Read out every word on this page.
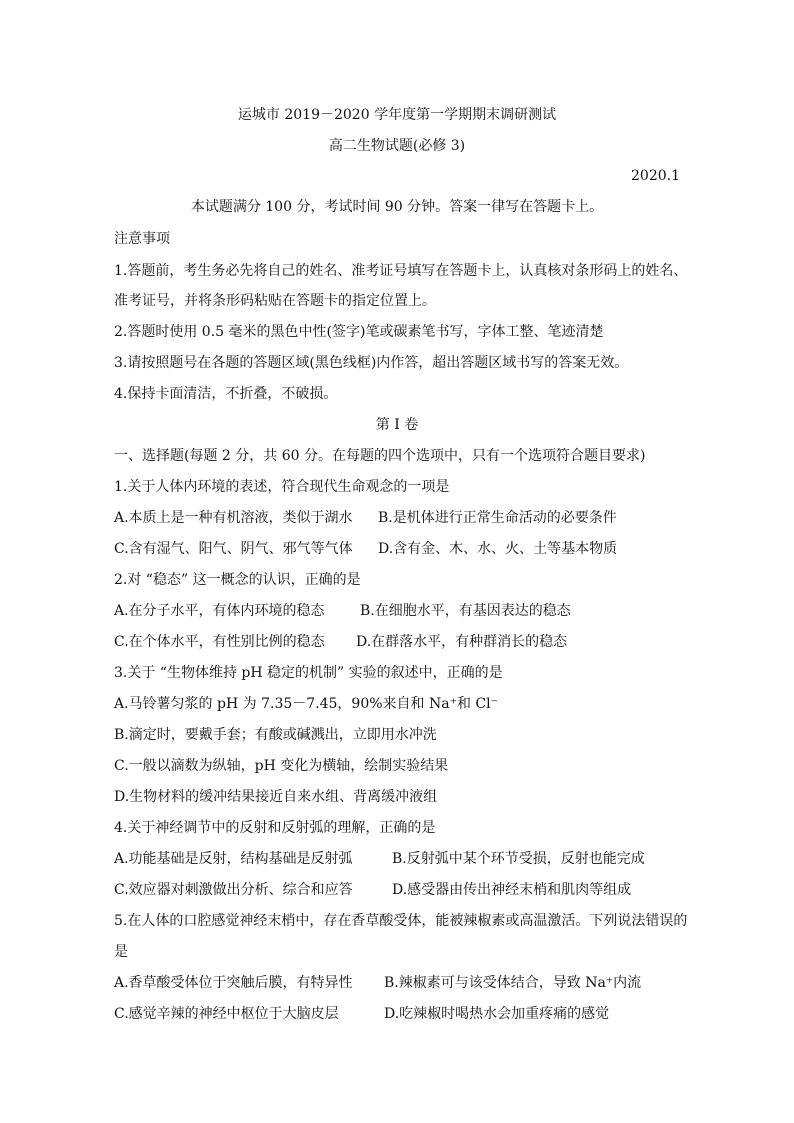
运城市 2019－2020 学年度第一学期期末调研测试
高二生物试题(必修 3)
2020.1
本试题满分 100 分，考试时间 90 分钟。答案一律写在答题卡上。
注意事项
1.答题前，考生务必先将自己的姓名、准考证号填写在答题卡上，认真核对条形码上的姓名、
准考证号，并将条形码粘贴在答题卡的指定位置上。
2.答题时使用 0.5 毫米的黑色中性(签字)笔或碳素笔书写，字体工整、笔迹清楚
3.请按照题号在各题的答题区域(黑色线框)内作答，超出答题区域书写的答案无效。
4.保持卡面清洁，不折叠，不破损。
第 I 卷
一、选择题(每题 2 分，共 60 分。在每题的四个选项中，只有一个选项符合题目要求)
1.关于人体内环境的表述，符合现代生命观念的一项是
A.本质上是一种有机溶液，类似于湖水 B.是机体进行正常生命活动的必要条件
C.含有湿气、阳气、阴气、邪气等气体 D.含有金、木、水、火、土等基本物质
2.对 “稳态” 这一概念的认识，正确的是
A.在分子水平，有体内环境的稳态	B.在细胞水平，有基因表达的稳态
C.在个体水平，有性别比例的稳态 D.在群落水平，有种群消长的稳态
3.关于 “生物体维持 pH 稳定的机制” 实验的叙述中，正确的是
A.马铃薯匀浆的 pH 为 7.35－7.45，90%来自和 Na⁺和 Cl⁻
B.滴定时，要戴手套；有酸或碱溅出，立即用水冲洗
C.一般以滴数为纵轴，pH 变化为横轴，绘制实验结果
D.生物材料的缓冲结果接近自来水组、背离缓冲液组
4.关于神经调节中的反射和反射弧的理解，正确的是
A.功能基础是反射，结构基础是反射弧	B.反射弧中某个环节受损，反射也能完成
C.效应器对刺激做出分析、综合和应答	D.感受器由传出神经末梢和肌肉等组成
5.在人体的口腔感觉神经末梢中，存在香草酸受体，能被辣椒素或高温激活。下列说法错误的
是
A.香草酸受体位于突触后膜，有特异性 B.辣椒素可与该受体结合，导致 Na⁺内流
C.感觉辛辣的神经中枢位于大脑皮层	D.吃辣椒时喝热水会加重疼痛的感觉
